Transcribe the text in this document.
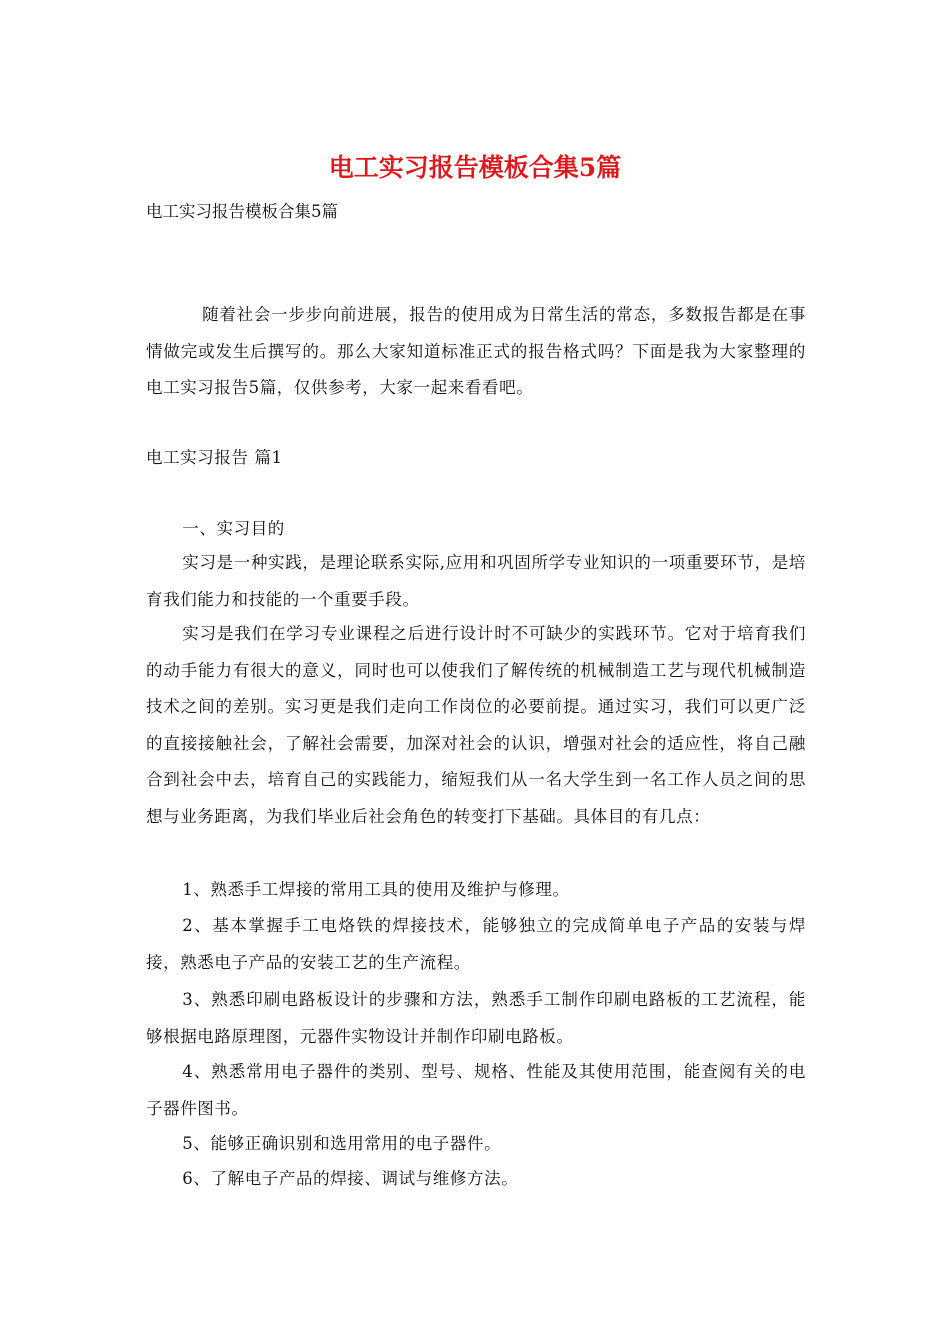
电工实习报告模板合集5篇
电工实习报告模板合集5篇
随着社会一步步向前进展，报告的使用成为日常生活的常态，多数报告都是在事情做完或发生后撰写的。那么大家知道标准正式的报告格式吗？下面是我为大家整理的电工实习报告5篇，仅供参考，大家一起来看看吧。
电工实习报告 篇1
一、实习目的
实习是一种实践，是理论联系实际,应用和巩固所学专业知识的一项重要环节，是培育我们能力和技能的一个重要手段。
实习是我们在学习专业课程之后进行设计时不可缺少的实践环节。它对于培育我们的动手能力有很大的意义，同时也可以使我们了解传统的机械制造工艺与现代机械制造技术之间的差别。实习更是我们走向工作岗位的必要前提。通过实习，我们可以更广泛的直接接触社会，了解社会需要，加深对社会的认识，增强对社会的适应性，将自己融合到社会中去，培育自己的实践能力，缩短我们从一名大学生到一名工作人员之间的思想与业务距离，为我们毕业后社会角色的转变打下基础。具体目的有几点：
1、熟悉手工焊接的常用工具的使用及维护与修理。
2、基本掌握手工电烙铁的焊接技术，能够独立的完成简单电子产品的安装与焊接，熟悉电子产品的安装工艺的生产流程。
3、熟悉印刷电路板设计的步骤和方法，熟悉手工制作印刷电路板的工艺流程，能够根据电路原理图，元器件实物设计并制作印刷电路板。
4、熟悉常用电子器件的类别、型号、规格、性能及其使用范围，能查阅有关的电子器件图书。
5、能够正确识别和选用常用的电子器件。
6、了解电子产品的焊接、调试与维修方法。
